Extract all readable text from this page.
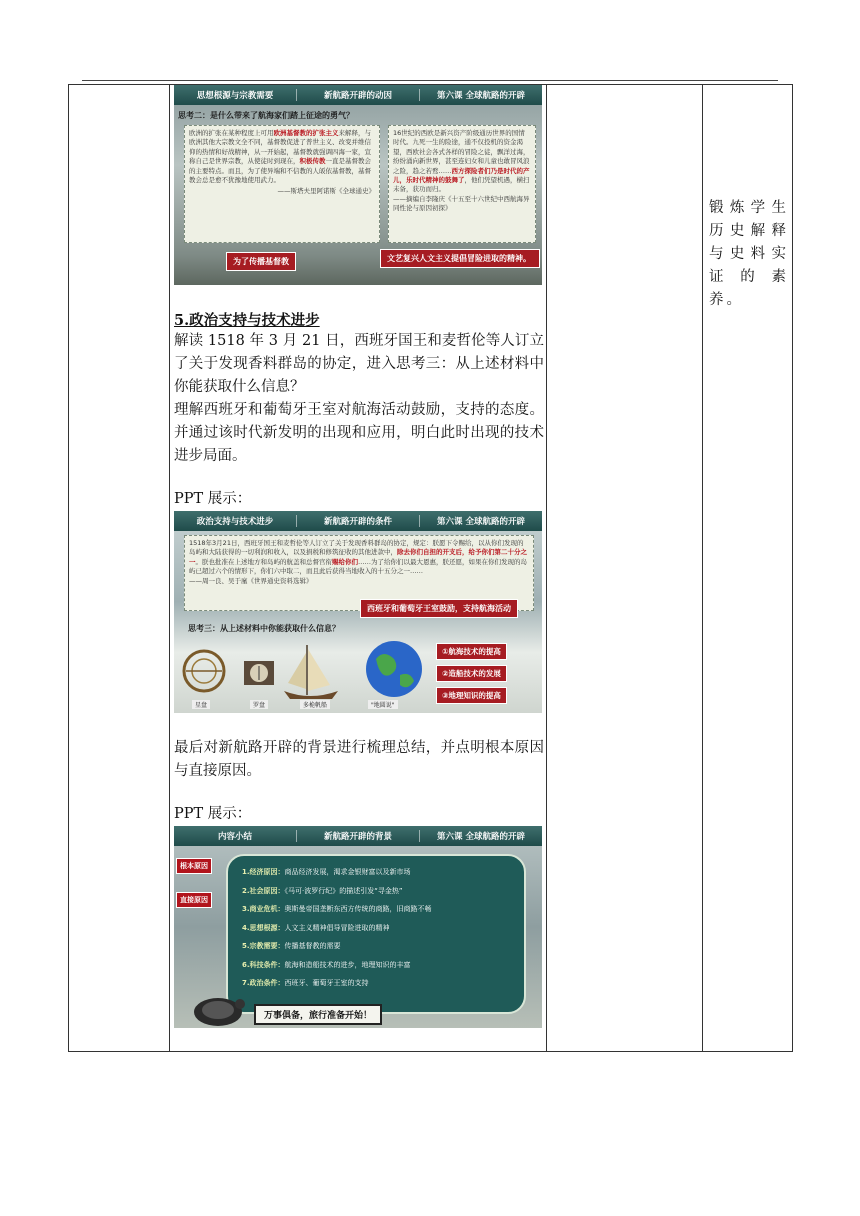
锻炼学生历史解释与史料实证的素养。
思想根源与宗教需要	新航路开辟的动因	第六课 全球航路的开辟
思考二：是什么带来了航海家们踏上征途的勇气？
欧洲的扩张在某种程度上可用欧洲基督教的扩张主义来解释，与欧洲其他大宗教文全不同，基督教促进了普世主义、改变并维信仰的热情和好战精神，从一开始起，基督教就强调四海一家，宣称自己是世界宗教，从使徒时到现在，积极传教一直是基督教会的主要特点。而且，为了使异端和不信教的人皈依基督教，基督教会总是愈不犹豫地使用武力。
——斯塔夫里阿诺斯《全球通史》
16世纪的西欧是新兴资产阶级通历世界的国情时代。九死一生的险途，通不仅投机的资金渴望，西欧社会各式各样的冒险之徒，飘洋过海，纷纷涌向新世界，甚至连妇女和儿童也敢冒风浪之险，趋之若鹜……西方探险者们乃是时代的产儿，乐时代精神的鼓舞了，他们凭望机遇，横扫未备，获功而归。
——摘编自李隆庆《十五至十六世纪中西航海异同性论与原因初探》
为了传播基督教	文艺复兴人文主义提倡冒险进取的精神。

5.政治支持与技术进步

解读 1518 年 3 月 21 日，西班牙国王和麦哲伦等人订立了关于发现香料群岛的协定，进入思考三：从上述材料中你能获取什么信息？

理解西班牙和葡萄牙王室对航海活动鼓励，支持的态度。并通过该时代新发明的出现和应用，明白此时出现的技术进步局面。

PPT 展示：

政治支持与技术进步	新航路开辟的条件	第六课 全球航路的开辟
1518年3月21日，西班牙国王和麦哲伦等人订立了关于发现香料群岛的协定，规定：朕愿下令赐给，以从你们发现的岛屿和大陆获得的一切利润和收入，以及捐税和修筑征收的其他进款中，除去你们自担的开支后，给予你们第二十分之一。朕也批准在上述地方和岛屿的航盖和总督官衔赐给你们……为了给你们以最大恩惠，朕还愿，如果在你们发现的岛屿已超过六个的情形下，你们六中取二，而且此后获得当地收入的十五分之一……
——周一良、吴于廑《世界通史资料选辑》
西班牙和葡萄牙王室鼓励，支持航海活动
思考三：从上述材料中你能获取什么信息？
星盘	罗盘	多桅帆船	"地圆说"
①航海技术的提高
②造船技术的发展
③地理知识的提高

最后对新航路开辟的背景进行梳理总结，并点明根本原因与直接原因。

PPT 展示：

内容小结	新航路开辟的背景	第六课 全球航路的开辟
根本原因
直接原因
1.经济原因：商品经济发展，渴求金银财富以及新市场
2.社会原因：《马可·波罗行纪》的描述引发“寻金热”
3.商业危机：奥斯曼帝国垄断东西方传统的商路，旧商路不畅
4.思想根源：人文主义精神倡导冒险进取的精神
5.宗教需要：传播基督教的需要
6.科技条件：航海和造船技术的进步，地理知识的丰富
7.政治条件：西班牙、葡萄牙王室的支持
万事俱备，旅行准备开始！
